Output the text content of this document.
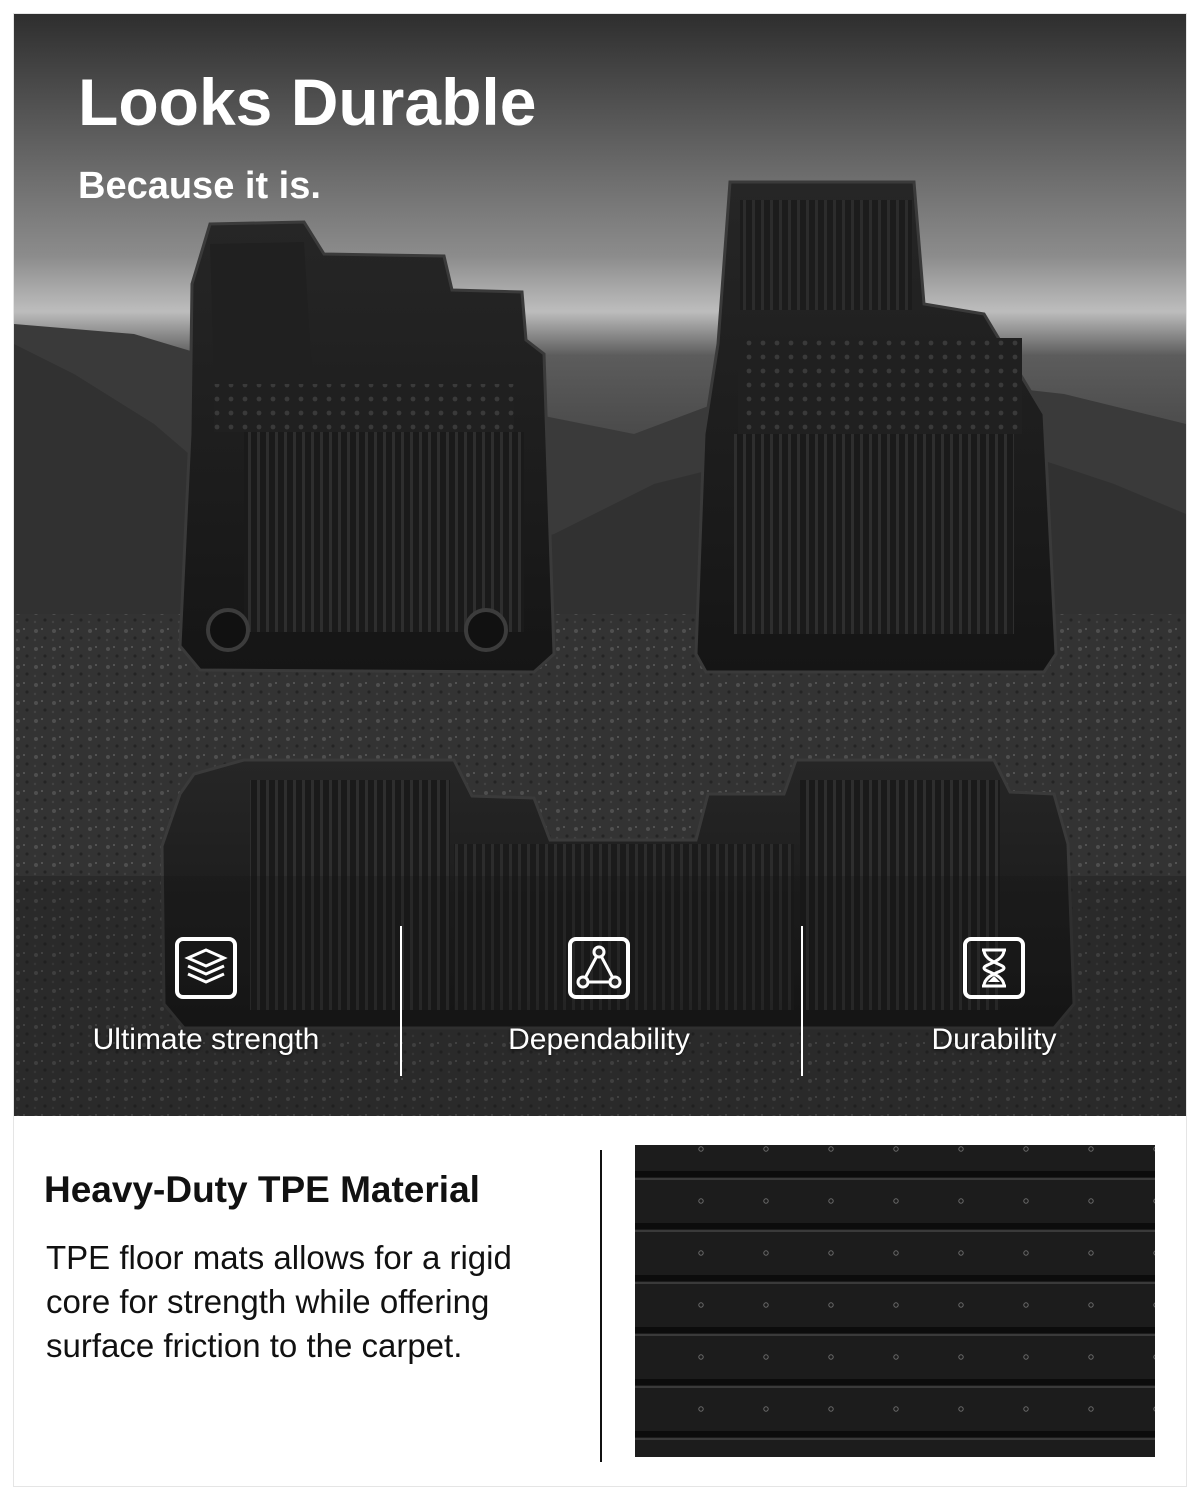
Looks Durable

Because it is.

Ultimate strength	Dependability	Durability
Heavy-Duty TPE Material

TPE floor mats allows for a rigid core for strength while offering surface friction to the carpet.
